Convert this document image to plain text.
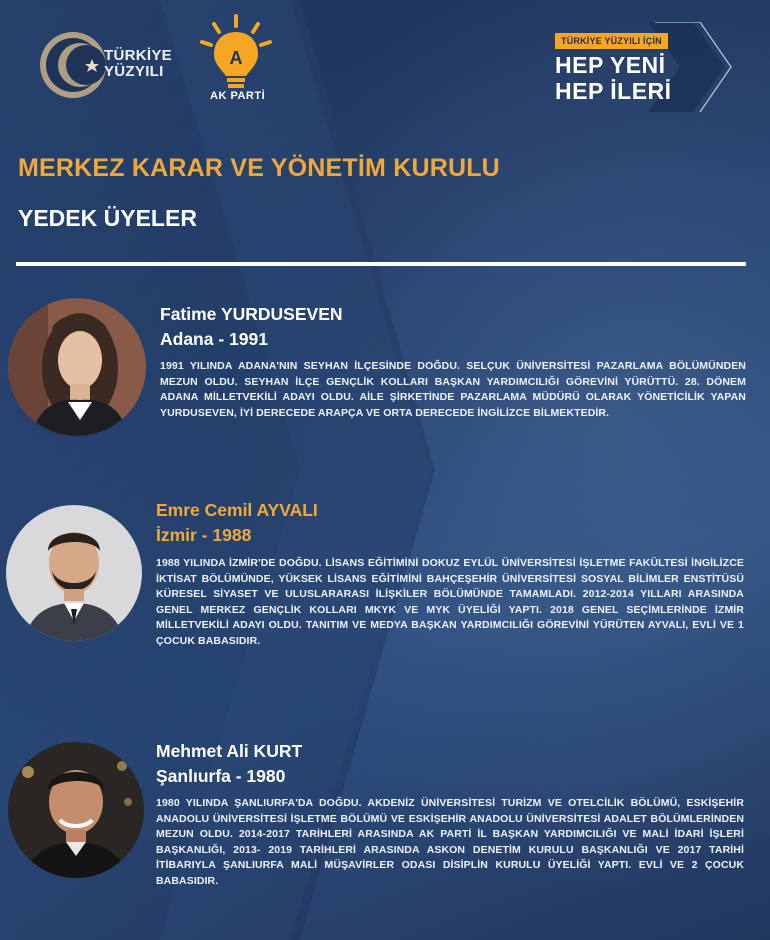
TÜRKİYE YÜZYILI
A
AK PARTİ
TÜRKİYE YÜZYILI İÇİN
HEP YENİ HEP İLERİ
MERKEZ KARAR VE YÖNETİM KURULU
YEDEK ÜYELER
Fatime YURDUSEVEN
Adana - 1991
1991 YILINDA ADANA'NIN SEYHAN İLÇESİNDE DOĞDU. SELÇUK ÜNİVERSİTESİ PAZARLAMA BÖLÜMÜNDEN MEZUN OLDU. SEYHAN İLÇE GENÇLİK KOLLARI BAŞKAN YARDIMCILIĞI GÖREVİNİ YÜRÜTTÜ. 28. DÖNEM ADANA MİLLETVEKİLİ ADAYI OLDU. AİLE ŞİRKETİNDE PAZARLAMA MÜDÜRÜ OLARAK YÖNETİCİLİK YAPAN YURDUSEVEN, İYİ DERECEDE ARAPÇA VE ORTA DERECEDE İNGİLİZCE BİLMEKTEDİR.
Emre Cemil AYVALI
İzmir - 1988
1988 YILINDA İZMİR'DE DOĞDU. LİSANS EĞİTİMİNİ DOKUZ EYLÜL ÜNİVERSİTESİ İŞLETME FAKÜLTESİ İNGİLİZCE İKTİSAT BÖLÜMÜNDE, YÜKSEK LİSANS EĞİTİMİNİ BAHÇEŞEHİR ÜNİVERSİTESİ SOSYAL BİLİMLER ENSTİTÜSÜ KÜRESEL SİYASET VE ULUSLARARASI İLİŞKİLER BÖLÜMÜNDE TAMAMLADI. 2012-2014 YILLARI ARASINDA GENEL MERKEZ GENÇLİK KOLLARI MKYK VE MYK ÜYELİĞİ YAPTI. 2018 GENEL SEÇİMLERİNDE İZMİR MİLLETVEKİLİ ADAYI OLDU. TANITIM VE MEDYA BAŞKAN YARDIMCILIĞI GÖREVİNİ YÜRÜTEN AYVALI, EVLİ VE 1 ÇOCUK BABASIDIR.
Mehmet Ali KURT
Şanlıurfa - 1980
1980 YILINDA ŞANLIURFA'DA DOĞDU. AKDENİZ ÜNİVERSİTESİ TURİZM VE OTELCİLİK BÖLÜMÜ, ESKİŞEHİR ANADOLU ÜNİVERSİTESİ İŞLETME BÖLÜMÜ VE ESKİŞEHİR ANADOLU ÜNİVERSİTESİ ADALET BÖLÜMLERİNDEN MEZUN OLDU. 2014-2017 TARİHLERİ ARASINDA AK PARTİ İL BAŞKAN YARDIMCILIĞI VE MALİ İDARİ İŞLERİ BAŞKANLIĞI, 2013- 2019 TARİHLERİ ARASINDA ASKON DENETİM KURULU BAŞKANLIĞI VE 2017 TARİHİ İTİBARIYLA ŞANLIURFA MALİ MÜŞAVİRLER ODASI DİSİPLİN KURULU ÜYELİĞİ YAPTI. EVLİ VE 2 ÇOCUK BABASIDIR.
